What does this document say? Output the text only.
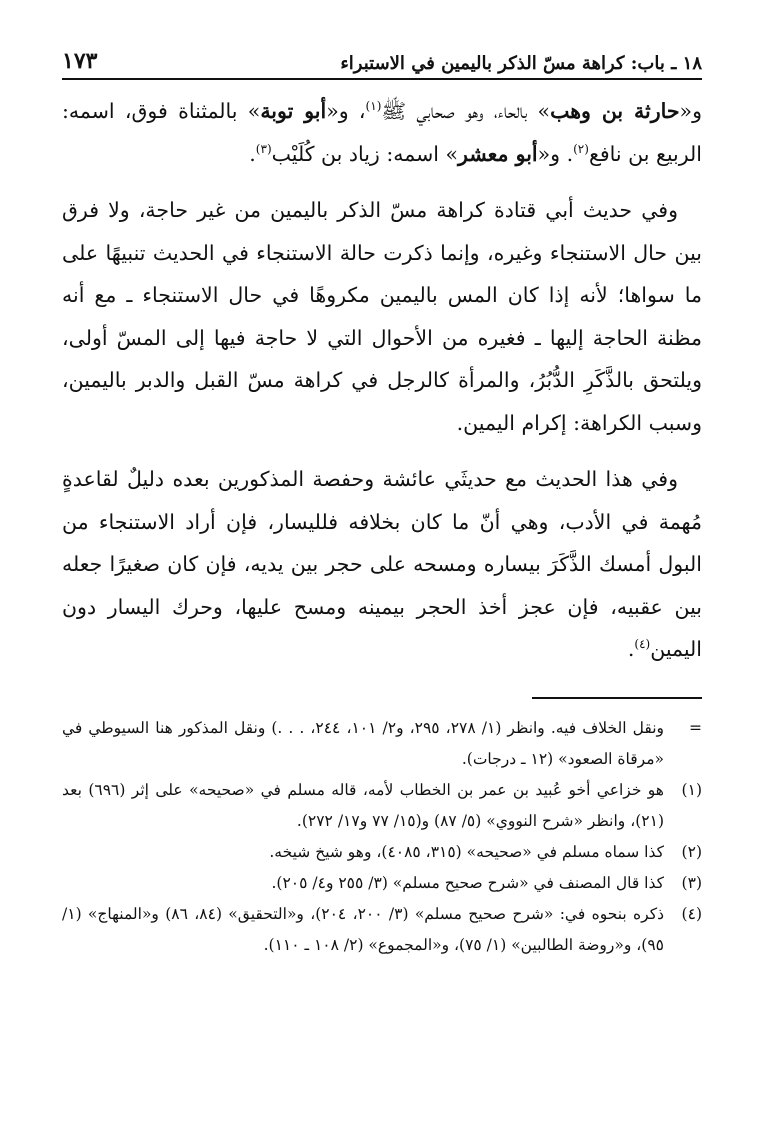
١٨ ـ باب: كراهة مسّ الذكر باليمين في الاستبراء
١٧٣

و«حارثة بن وهب» بالحاء، وهو صحابي ﷺ$^{(١)}$، و«أبو توبة» بالمثناة فوق، اسمه: الربيع بن نافع$^{(٢)}$. و«أبو معشر» اسمه: زياد بن كُلَيْب$^{(٣)}$.

وفي حديث أبي قتادة كراهة مسّ الذكر باليمين من غير حاجة، ولا فرق بين حال الاستنجاء وغيره، وإنما ذكرت حالة الاستنجاء في الحديث تنبيهًا على ما سواها؛ لأنه إذا كان المس باليمين مكروهًا في حال الاستنجاء ـ مع أنه مظنة الحاجة إليها ـ فغيره من الأحوال التي لا حاجة فيها إلى المسّ أولى، ويلتحق بالذَّكَرِ الدُّبُرُ، والمرأة كالرجل في كراهة مسّ القبل والدبر باليمين، وسبب الكراهة: إكرام اليمين.

وفي هذا الحديث مع حديثَي عائشة وحفصة المذكورين بعده دليلٌ لقاعدةٍ مُهمة في الأدب، وهي أنّ ما كان بخلافه فلليسار، فإن أراد الاستنجاء من البول أمسك الذَّكَرَ بيساره ومسحه على حجر بين يديه، فإن كان صغيرًا جعله بين عقبيه، فإن عجز أخذ الحجر بيمينه ومسح عليها، وحرك اليسار دون اليمين$^{(٤)}$.

=
ونقل الخلاف فيه. وانظر (١/ ٢٧٨، ٢٩٥، و٢/ ١٠١، ٢٤٤، . . .) ونقل المذكور هنا السيوطي في «مرقاة الصعود» (١٢ ـ درجات).
(١)
هو خزاعي أخو عُبيد بن عمر بن الخطاب لأمه، قاله مسلم في «صحيحه» على إثر (٦٩٦) بعد (٢١)، وانظر «شرح النووي» (٥/ ٨٧) و(١٥/ ٧٧ و١٧/ ٢٧٢).
(٢)
كذا سماه مسلم في «صحيحه» (٣١٥، ٤٠٨٥)، وهو شيخ شيخه.
(٣)
كذا قال المصنف في «شرح صحيح مسلم» (٣/ ٢٥٥ و٤/ ٢٠٥).
(٤)
ذكره بنحوه في: «شرح صحيح مسلم» (٣/ ٢٠٠، ٢٠٤)، و«التحقيق» (٨٤، ٨٦) و«المنهاج» (١/ ٩٥)، و«روضة الطالبين» (١/ ٧٥)، و«المجموع» (٢/ ١٠٨ ـ ١١٠).
